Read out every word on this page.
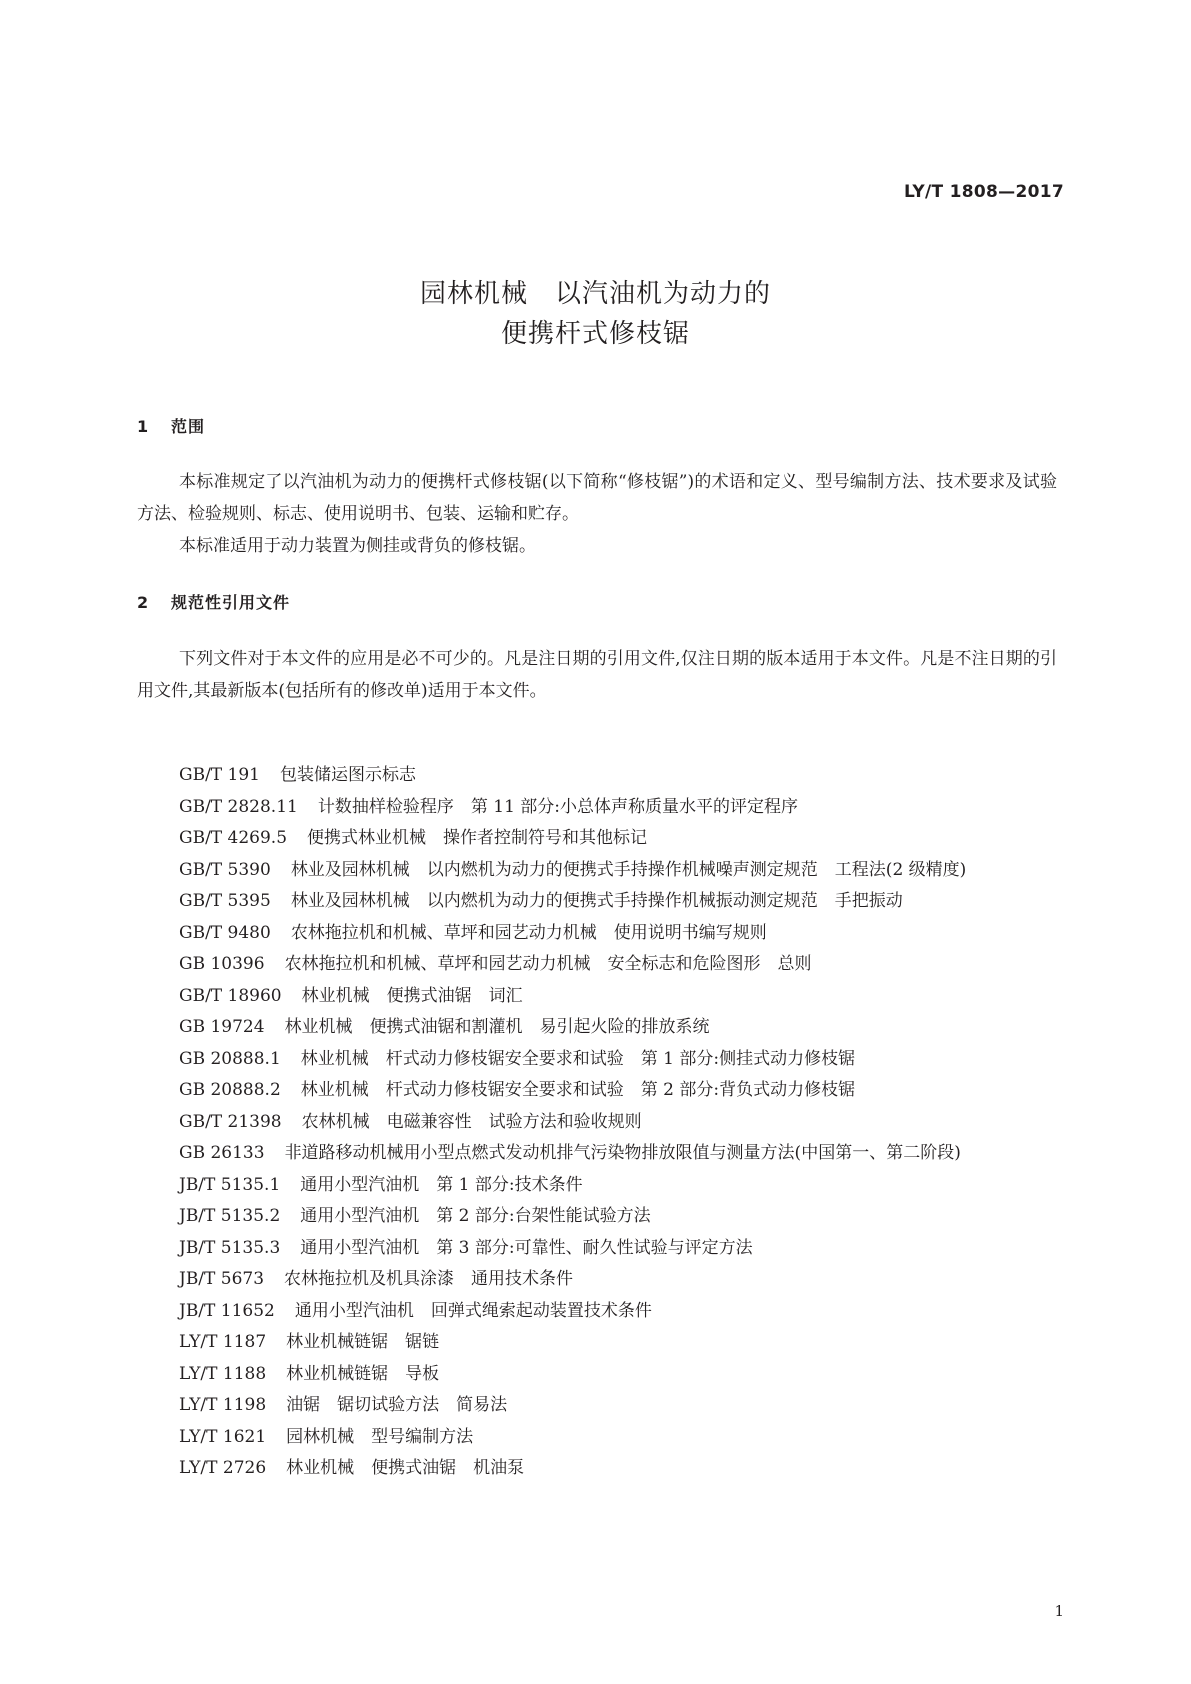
LY/T 1808—2017
园林机械　以汽油机为动力的
便携杆式修枝锯
1 范围

本标准规定了以汽油机为动力的便携杆式修枝锯(以下简称“修枝锯”)的术语和定义、型号编制方法、技术要求及试验方法、检验规则、标志、使用说明书、包装、运输和贮存。

本标准适用于动力装置为侧挂或背负的修枝锯。

2 规范性引用文件

下列文件对于本文件的应用是必不可少的。凡是注日期的引用文件,仅注日期的版本适用于本文件。凡是不注日期的引用文件,其最新版本(包括所有的修改单)适用于本文件。

GB/T 191 包装储运图示标志

GB/T 2828.11 计数抽样检验程序　第 11 部分:小总体声称质量水平的评定程序

GB/T 4269.5 便携式林业机械　操作者控制符号和其他标记

GB/T 5390 林业及园林机械　以内燃机为动力的便携式手持操作机械噪声测定规范　工程法(2 级精度)

GB/T 5395 林业及园林机械　以内燃机为动力的便携式手持操作机械振动测定规范　手把振动

GB/T 9480 农林拖拉机和机械、草坪和园艺动力机械　使用说明书编写规则

GB 10396 农林拖拉机和机械、草坪和园艺动力机械　安全标志和危险图形　总则

GB/T 18960 林业机械　便携式油锯　词汇

GB 19724 林业机械　便携式油锯和割灌机　易引起火险的排放系统

GB 20888.1 林业机械　杆式动力修枝锯安全要求和试验　第 1 部分:侧挂式动力修枝锯

GB 20888.2 林业机械　杆式动力修枝锯安全要求和试验　第 2 部分:背负式动力修枝锯

GB/T 21398 农林机械　电磁兼容性　试验方法和验收规则

GB 26133 非道路移动机械用小型点燃式发动机排气污染物排放限值与测量方法(中国第一、第二阶段)

JB/T 5135.1 通用小型汽油机　第 1 部分:技术条件

JB/T 5135.2 通用小型汽油机　第 2 部分:台架性能试验方法

JB/T 5135.3 通用小型汽油机　第 3 部分:可靠性、耐久性试验与评定方法

JB/T 5673 农林拖拉机及机具涂漆　通用技术条件

JB/T 11652 通用小型汽油机　回弹式绳索起动装置技术条件

LY/T 1187 林业机械链锯　锯链

LY/T 1188 林业机械链锯　导板

LY/T 1198 油锯　锯切试验方法　简易法

LY/T 1621 园林机械　型号编制方法

LY/T 2726 林业机械　便携式油锯　机油泵

1
